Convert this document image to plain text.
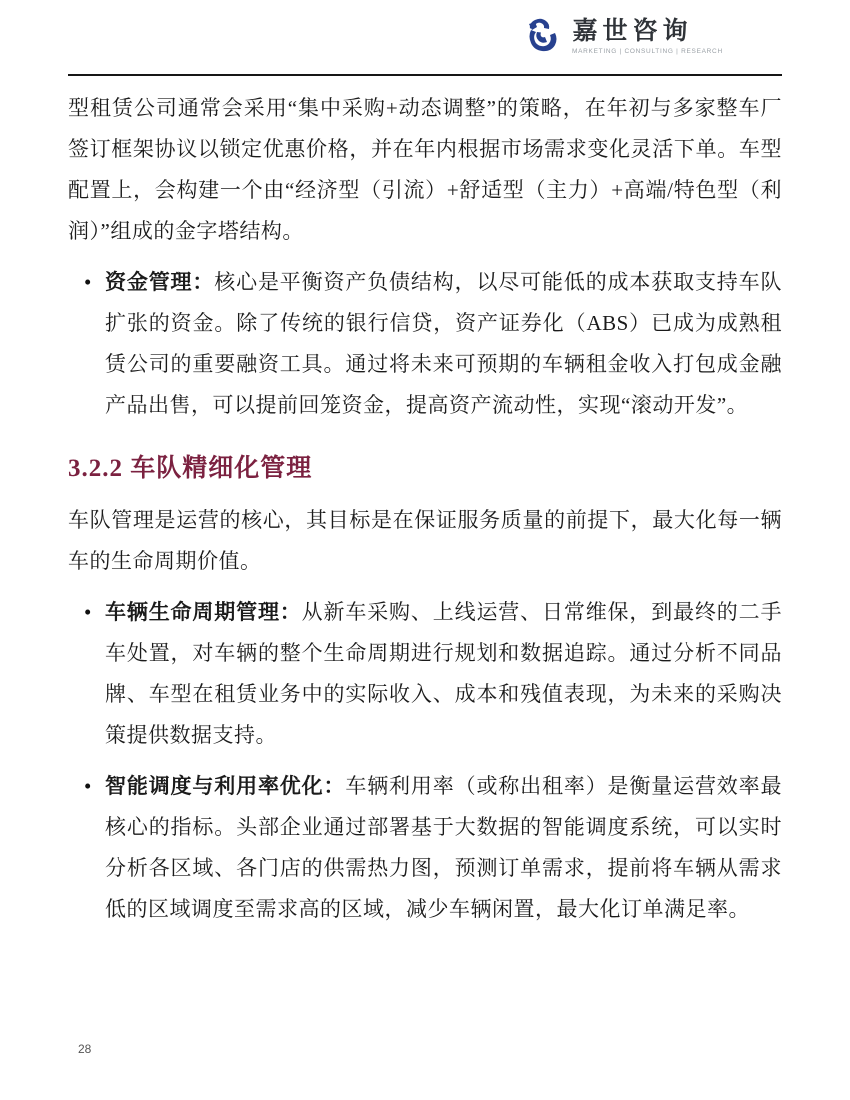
嘉世咨询
MARKETING | CONSULTING | RESEARCH

型租赁公司通常会采用“集中采购+动态调整”的策略，在年初与多家整车厂签订框架协议以锁定优惠价格，并在年内根据市场需求变化灵活下单。车型配置上，会构建一个由“经济型（引流）+舒适型（主力）+高端/特色型（利润）”组成的金字塔结构。

• 资金管理：核心是平衡资产负债结构，以尽可能低的成本获取支持车队扩张的资金。除了传统的银行信贷，资产证券化（ABS）已成为成熟租赁公司的重要融资工具。通过将未来可预期的车辆租金收入打包成金融产品出售，可以提前回笼资金，提高资产流动性，实现“滚动开发”。
3.2.2 车队精细化管理

车队管理是运营的核心，其目标是在保证服务质量的前提下，最大化每一辆车的生命周期价值。

• 车辆生命周期管理：从新车采购、上线运营、日常维保，到最终的二手车处置，对车辆的整个生命周期进行规划和数据追踪。通过分析不同品牌、车型在租赁业务中的实际收入、成本和残值表现，为未来的采购决策提供数据支持。
• 智能调度与利用率优化：车辆利用率（或称出租率）是衡量运营效率最核心的指标。头部企业通过部署基于大数据的智能调度系统，可以实时分析各区域、各门店的供需热力图，预测订单需求，提前将车辆从需求低的区域调度至需求高的区域，减少车辆闲置，最大化订单满足率。
28
